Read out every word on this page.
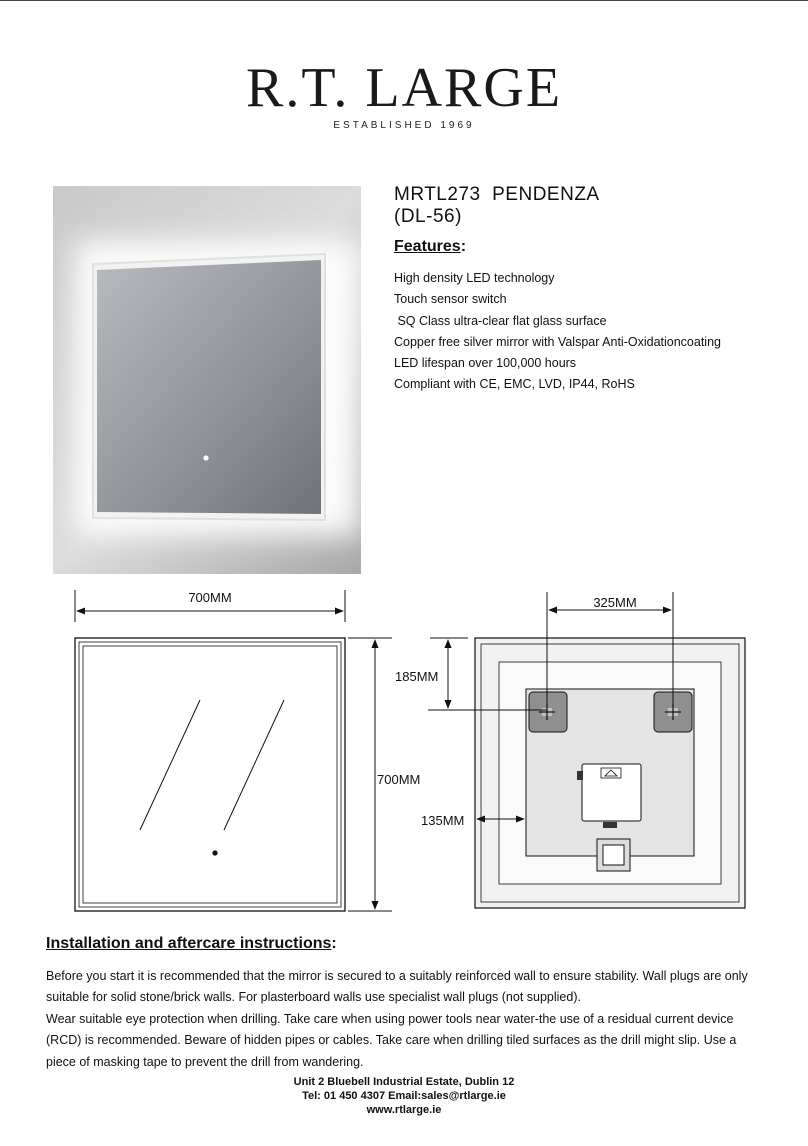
R.T. LARGE
ESTABLISHED 1969
MRTL273  PENDENZA
(DL-56)
Features:
High density LED technology
Touch sensor switch
SQ Class ultra-clear flat glass surface
Copper free silver mirror with Valspar Anti-Oxidationcoating
LED lifespan over 100,000 hours
Compliant with CE, EMC, LVD, IP44, RoHS
700MM
700MM
325MM
185MM
135MM
Installation and aftercare instructions:

Before you start it is recommended that the mirror is secured to a suitably reinforced wall to ensure stability. Wall plugs are only suitable for solid stone/brick walls. For plasterboard walls use specialist wall plugs (not supplied).

Wear suitable eye protection when drilling. Take care when using power tools near water-the use of a residual current device (RCD) is recommended. Beware of hidden pipes or cables. Take care when drilling tiled surfaces as the drill might slip. Use a piece of masking tape to prevent the drill from wandering.

Unit 2 Bluebell Industrial Estate, Dublin 12
Tel: 01 450 4307 Email:sales@rtlarge.ie
www.rtlarge.ie
